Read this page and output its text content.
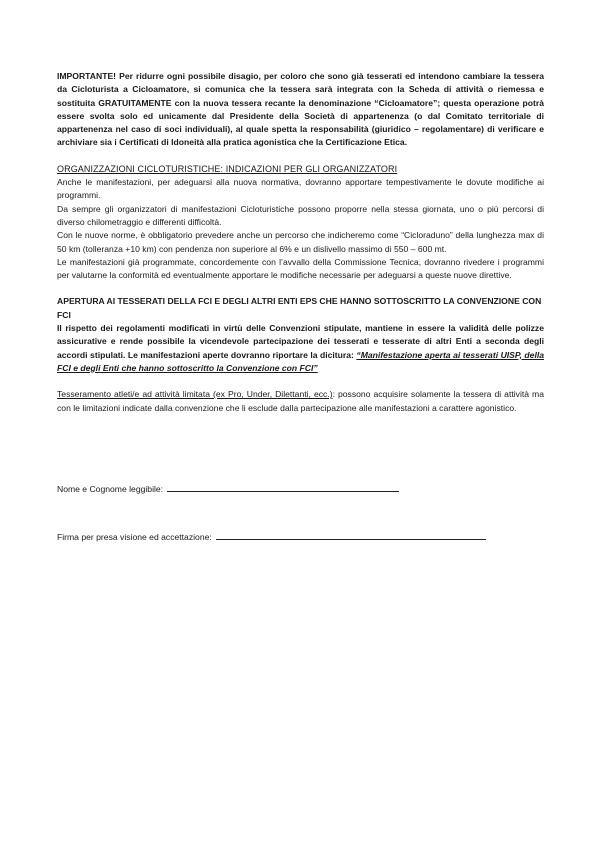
IMPORTANTE! Per ridurre ogni possibile disagio, per coloro che sono già tesserati ed intendono cambiare la tessera da Cicloturista a Cicloamatore, si comunica che la tessera sarà integrata con la Scheda di attività o riemessa e sostituita GRATUITAMENTE con la nuova tessera recante la denominazione “Cicloamatore”; questa operazione potrà essere svolta solo ed unicamente dal Presidente della Società di appartenenza (o dal Comitato territoriale di appartenenza nel caso di soci individuali), al quale spetta la responsabilità (giuridico – regolamentare) di verificare e archiviare sia i Certificati di Idoneità alla pratica agonistica che la Certificazione Etica.

ORGANIZZAZIONI CICLOTURISTICHE: INDICAZIONI PER GLI ORGANIZZATORI

Anche le manifestazioni, per adeguarsi alla nuova normativa, dovranno apportare tempestivamente le dovute modifiche ai programmi.

Da sempre gli organizzatori di manifestazioni Cicloturistiche possono proporre nella stessa giornata, uno o più percorsi di diverso chilometraggio e differenti difficoltà.

Con le nuove norme, è obbligatorio prevedere anche un percorso che indicheremo come “Cicloraduno” della lunghezza max di 50 km (tolleranza +10 km) con pendenza non superiore al 6% e un dislivello massimo di 550 – 600 mt.

Le manifestazioni già programmate, concordemente con l’avvallo della Commissione Tecnica, dovranno rivedere i programmi per valutarne la conformità ed eventualmente apportare le modifiche necessarie per adeguarsi a queste nuove direttive.

APERTURA AI TESSERATI DELLA FCI E DEGLI ALTRI ENTI EPS CHE HANNO SOTTOSCRITTO LA CONVENZIONE CON FCI

Il rispetto dei regolamenti modificati in virtù delle Convenzioni stipulate, mantiene in essere la validità delle polizze assicurative e rende possibile la vicendevole partecipazione dei tesserati e tesserate di altri Enti a seconda degli accordi stipulati. Le manifestazioni aperte dovranno riportare la dicitura: “Manifestazione aperta ai tesserati UISP, della FCI e degli Enti che hanno sottoscritto la Convenzione con FCI”

Tesseramento atleti/e ad attività limitata (ex Pro, Under, Dilettanti, ecc.): possono acquisire solamente la tessera di attività ma con le limitazioni indicate dalla convenzione che li esclude dalla partecipazione alle manifestazioni a carattere agonistico.

Nome e Cognome leggibile:
Firma per presa visione ed accettazione:
